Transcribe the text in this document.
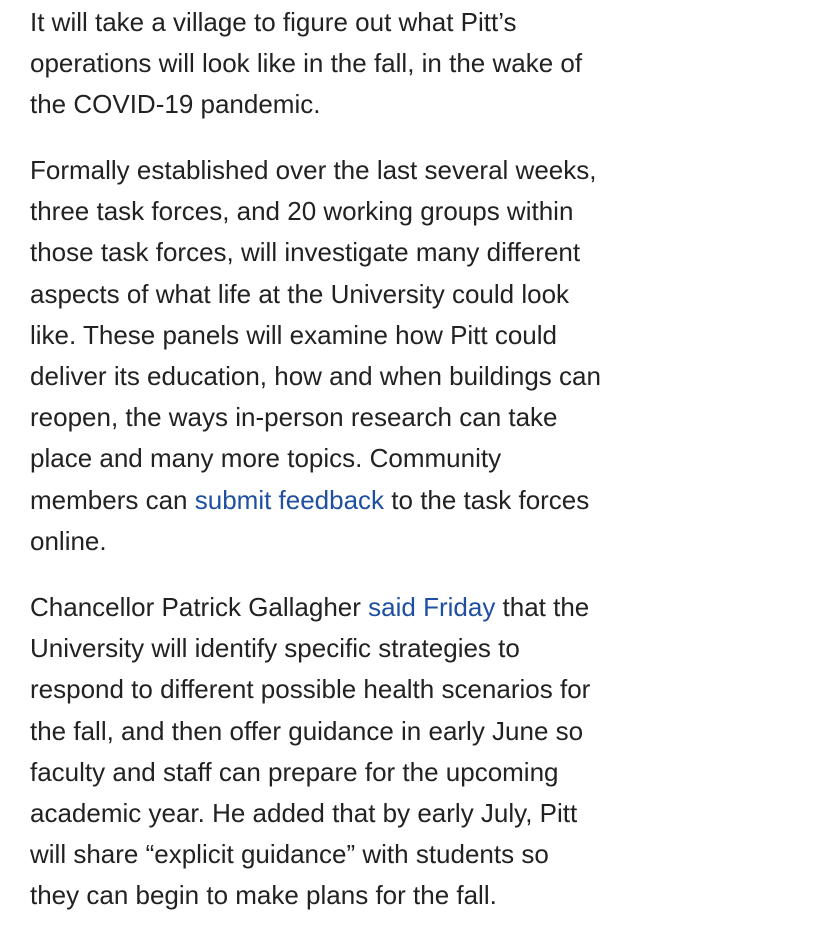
It will take a village to figure out what Pitt’s
operations will look like in the fall, in the wake of
the COVID-19 pandemic.
Formally established over the last several weeks,
three task forces, and 20 working groups within
those task forces, will investigate many different
aspects of what life at the University could look
like. These panels will examine how Pitt could
deliver its education, how and when buildings can
reopen, the ways in-person research can take
place and many more topics. Community
members can submit feedback to the task forces
online.
Chancellor Patrick Gallagher said Friday that the
University will identify specific strategies to
respond to different possible health scenarios for
the fall, and then offer guidance in early June so
faculty and staff can prepare for the upcoming
academic year. He added that by early July, Pitt
will share “explicit guidance” with students so
they can begin to make plans for the fall.
